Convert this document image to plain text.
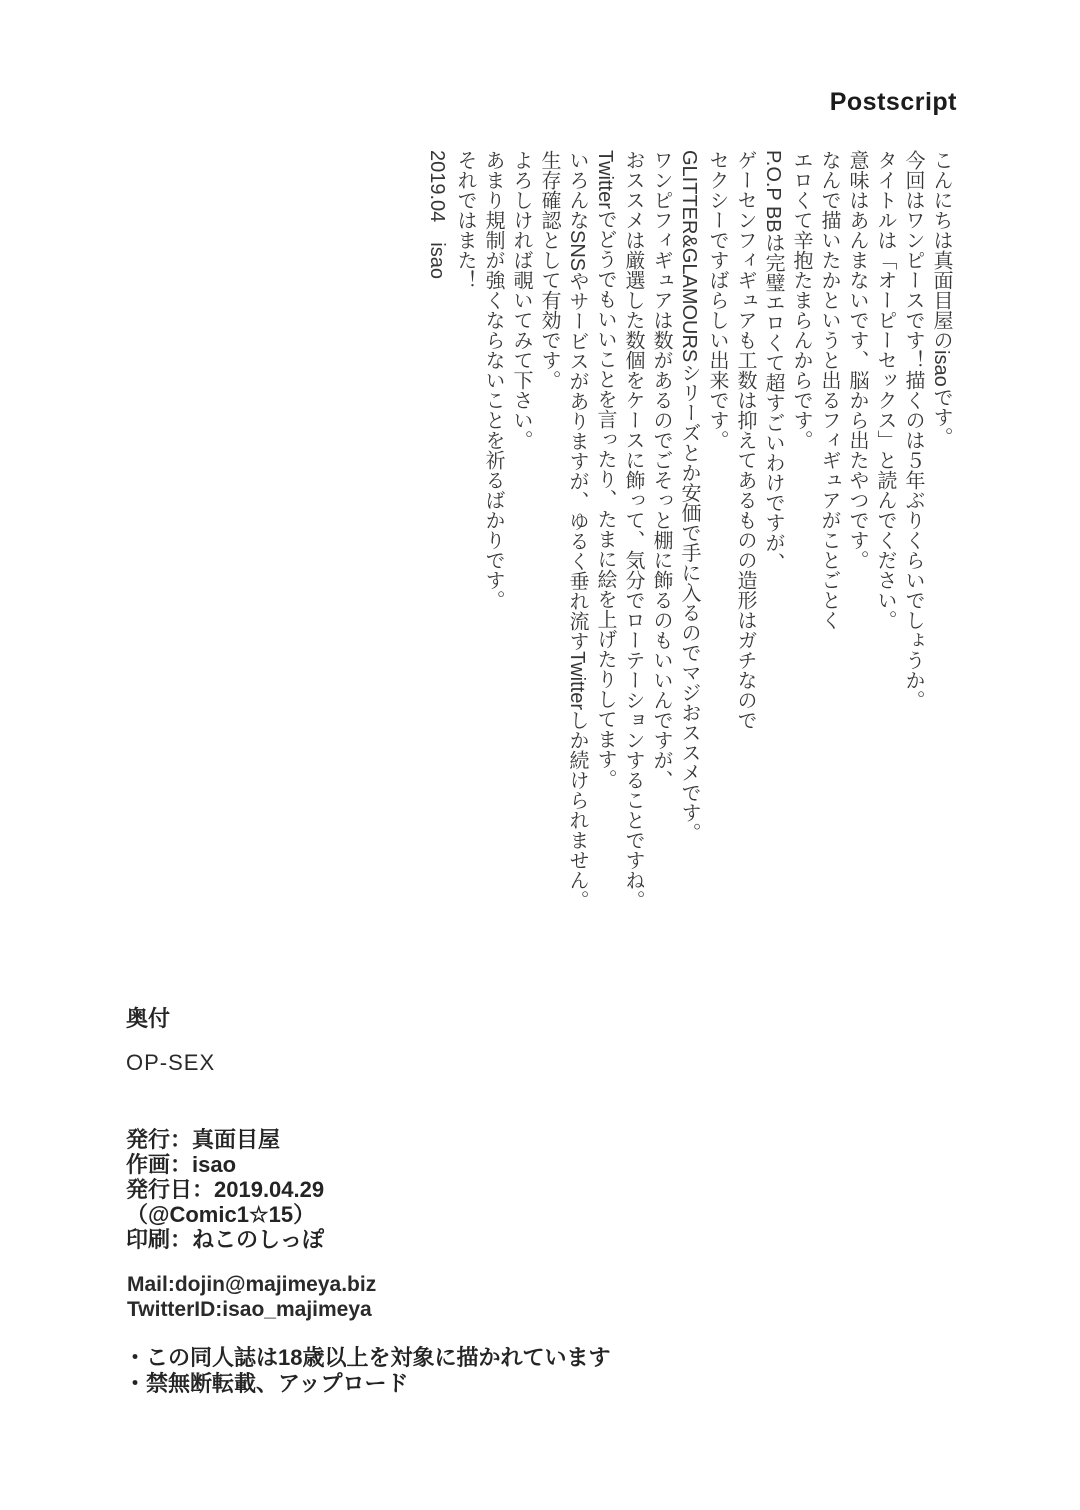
Postscript

こんにちは真面目屋のisaoです。
今回はワンピースです！描くのは５年ぶりくらいでしょうか。

タイトルは「オーピーセックス」と読んでください。
意味はあんまないです、脳から出たやつです。
なんで描いたかというと出るフィギュアがことごとく
エロくて辛抱たまらんからです。

P.O.P BBは完璧エロくて超すごいわけですが、
ゲーセンフィギュアも工数は抑えてあるものの造形はガチなので
セクシーですばらしい出来です。
GLITTER&GLAMOURSシリーズとか安価で手に入るのでマジおススメです。
ワンピフィギュアは数があるのでごそっと棚に飾るのもいいんですが、
おススメは厳選した数個をケースに飾って、気分でローテーションすることですね。

Twitterでどうでもいいことを言ったり、たまに絵を上げたりしてます。
いろんなSNSやサービスがありますが、ゆるく垂れ流すTwitterしか続けられません。
生存確認として有効です。
よろしければ覗いてみて下さい。
あまり規制が強くならないことを祈るばかりです。

それではまた！

2019.04　isao

奥付
OP-SEX
発行：真面目屋
作画：isao
発行日：2019.04.29
（@Comic1☆15）
印刷：ねこのしっぽ
Mail:dojin@majimeya.biz
TwitterID:isao_majimeya
・この同人誌は18歳以上を対象に描かれています
・禁無断転載、アップロード
